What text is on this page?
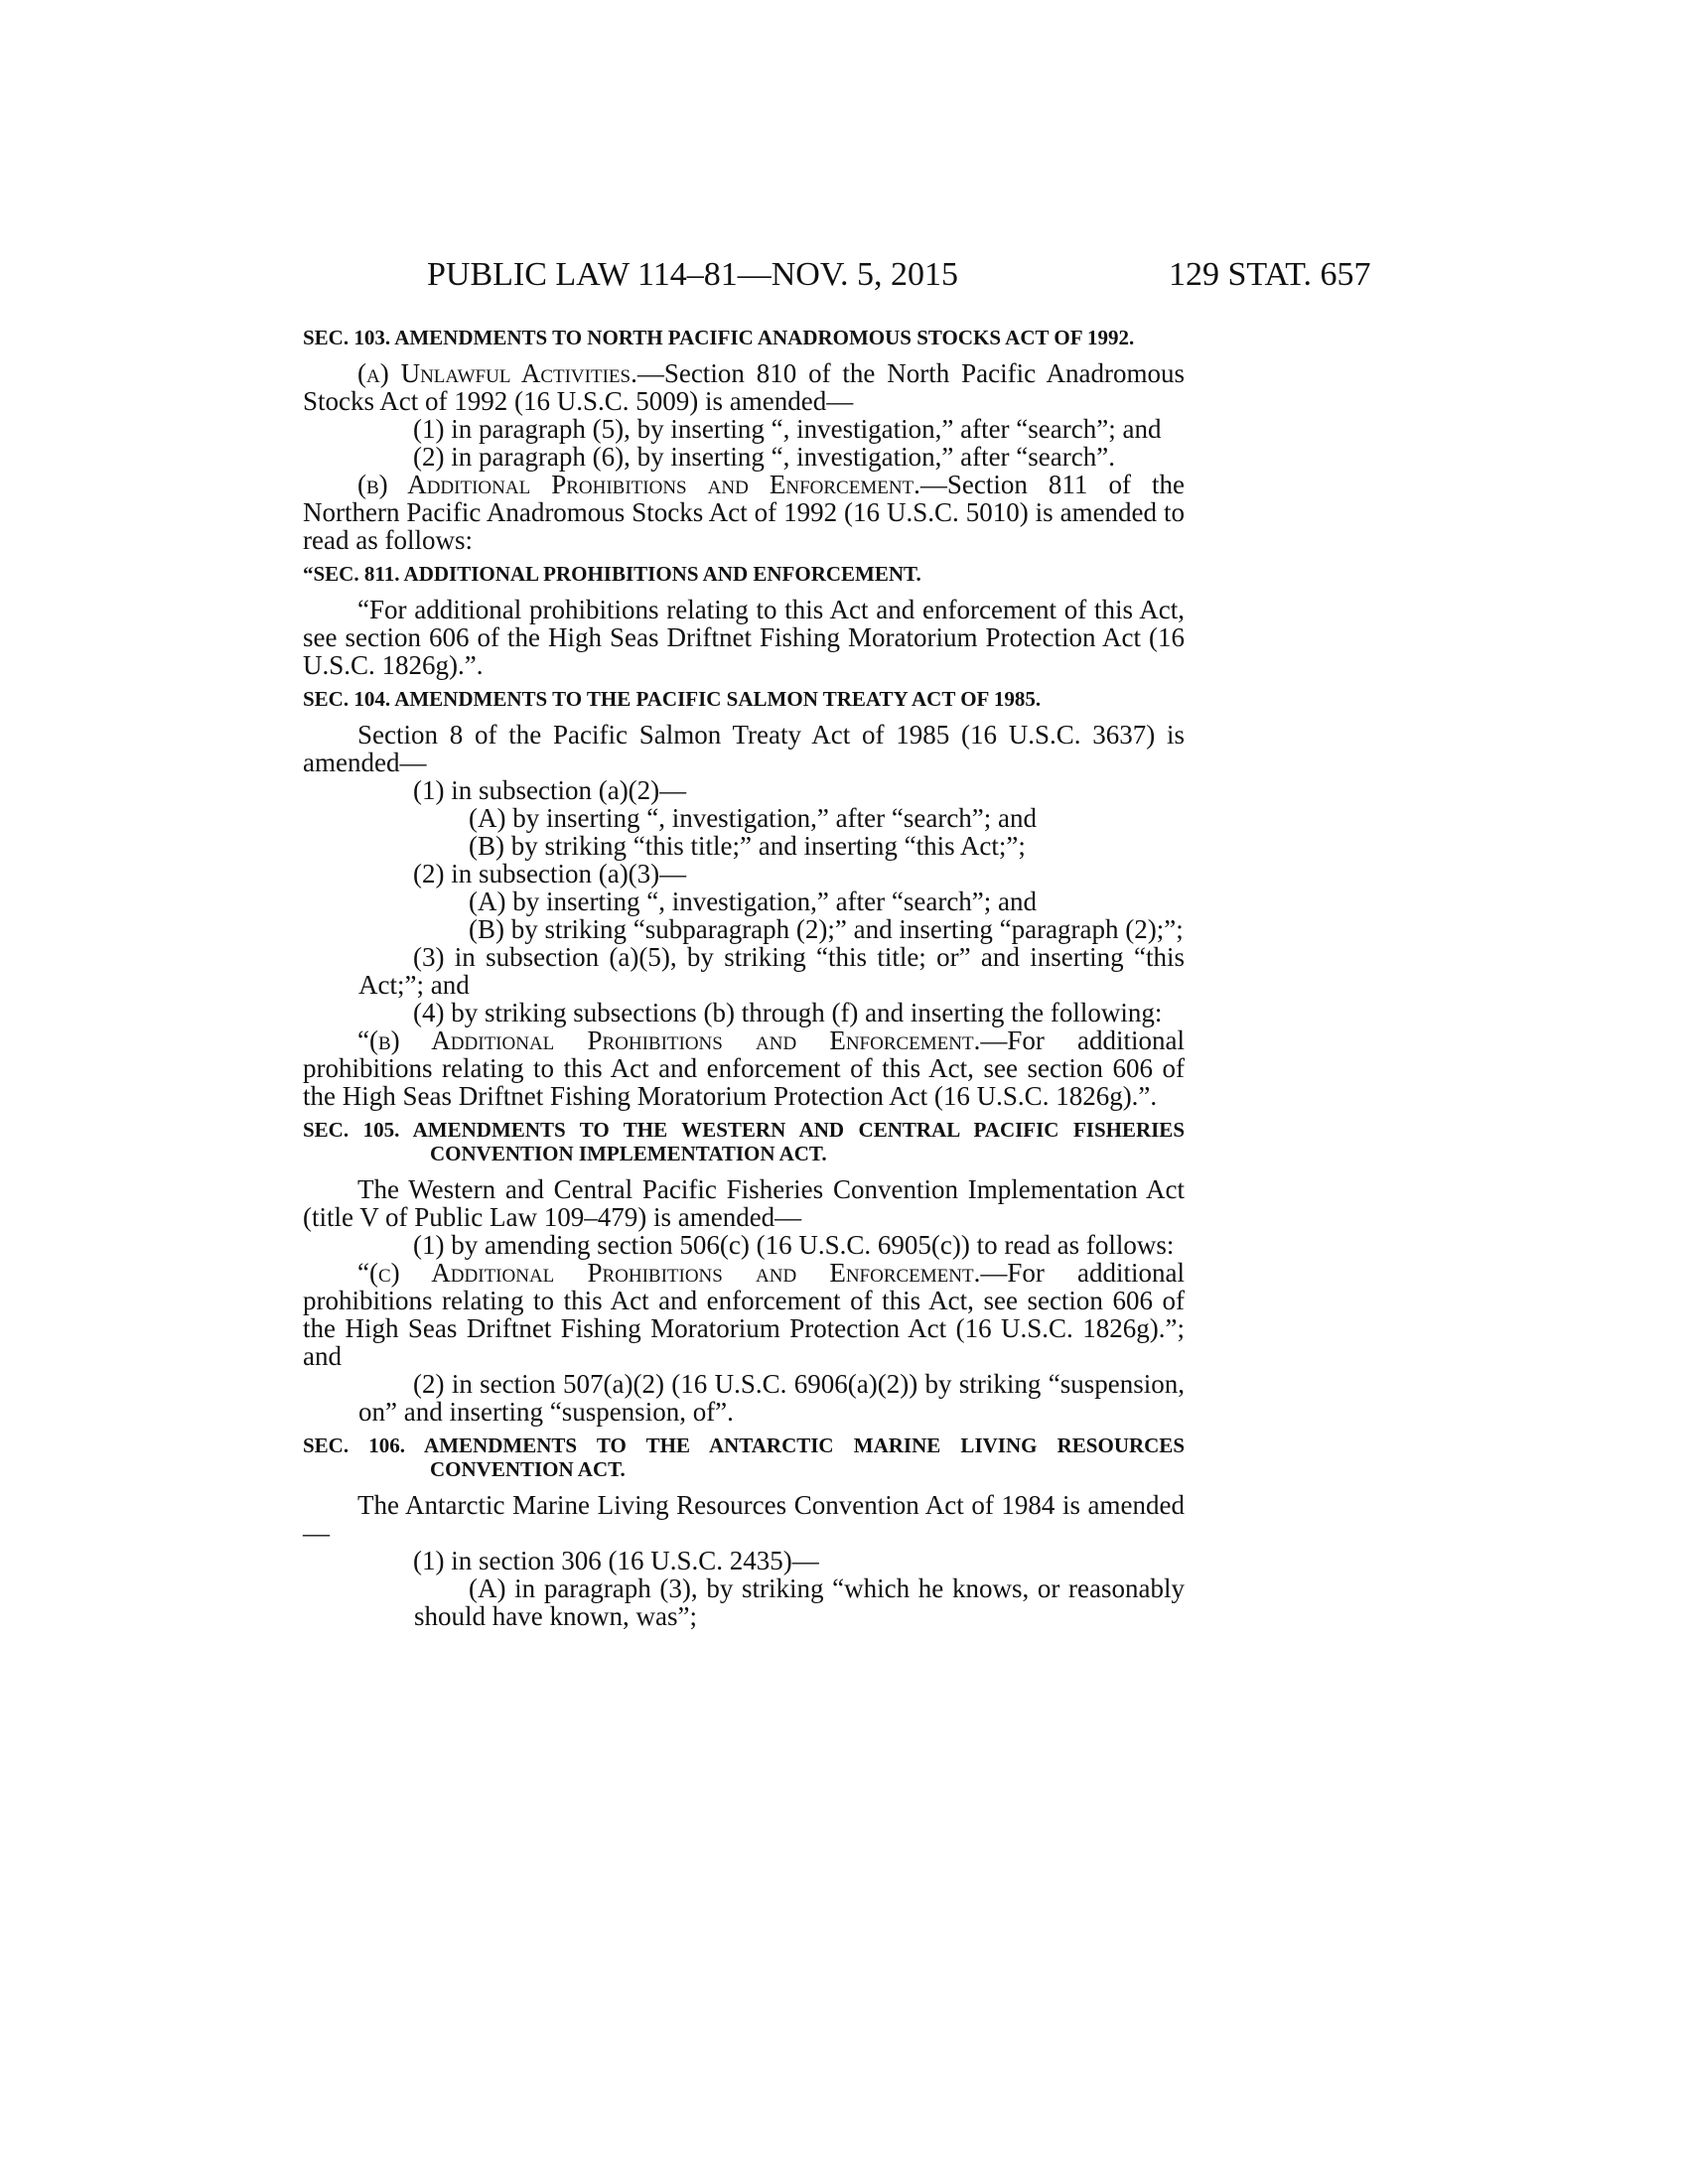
PUBLIC LAW 114–81—NOV. 5, 2015	129 STAT. 657
SEC. 103. AMENDMENTS TO NORTH PACIFIC ANADROMOUS STOCKS ACT OF 1992.

(a) Unlawful Activities.—Section 810 of the North Pacific Anadromous Stocks Act of 1992 (16 U.S.C. 5009) is amended—

(1) in paragraph (5), by inserting “, investigation,” after “search”; and

(2) in paragraph (6), by inserting “, investigation,” after “search”.

(b) Additional Prohibitions and Enforcement.—Section 811 of the Northern Pacific Anadromous Stocks Act of 1992 (16 U.S.C. 5010) is amended to read as follows:

“SEC. 811. ADDITIONAL PROHIBITIONS AND ENFORCEMENT.

“For additional prohibitions relating to this Act and enforcement of this Act, see section 606 of the High Seas Driftnet Fishing Moratorium Protection Act (16 U.S.C. 1826g).”.

SEC. 104. AMENDMENTS TO THE PACIFIC SALMON TREATY ACT OF 1985.

Section 8 of the Pacific Salmon Treaty Act of 1985 (16 U.S.C. 3637) is amended—

(1) in subsection (a)(2)—

(A) by inserting “, investigation,” after “search”; and

(B) by striking “this title;” and inserting “this Act;”;

(2) in subsection (a)(3)—

(A) by inserting “, investigation,” after “search”; and

(B) by striking “subparagraph (2);” and inserting “paragraph (2);”;

(3) in subsection (a)(5), by striking “this title; or” and inserting “this Act;”; and

(4) by striking subsections (b) through (f) and inserting the following:

“(b) Additional Prohibitions and Enforcement.—For additional prohibitions relating to this Act and enforcement of this Act, see section 606 of the High Seas Driftnet Fishing Moratorium Protection Act (16 U.S.C. 1826g).”.

SEC. 105. AMENDMENTS TO THE WESTERN AND CENTRAL PACIFIC FISHERIES CONVENTION IMPLEMENTATION ACT.

The Western and Central Pacific Fisheries Convention Implementation Act (title V of Public Law 109–479) is amended—

(1) by amending section 506(c) (16 U.S.C. 6905(c)) to read as follows:

“(c) Additional Prohibitions and Enforcement.—For additional prohibitions relating to this Act and enforcement of this Act, see section 606 of the High Seas Driftnet Fishing Moratorium Protection Act (16 U.S.C. 1826g).”; and

(2) in section 507(a)(2) (16 U.S.C. 6906(a)(2)) by striking “suspension, on” and inserting “suspension, of”.

SEC. 106. AMENDMENTS TO THE ANTARCTIC MARINE LIVING RESOURCES CONVENTION ACT.

The Antarctic Marine Living Resources Convention Act of 1984 is amended—

(1) in section 306 (16 U.S.C. 2435)—

(A) in paragraph (3), by striking “which he knows, or reasonably should have known, was”;
